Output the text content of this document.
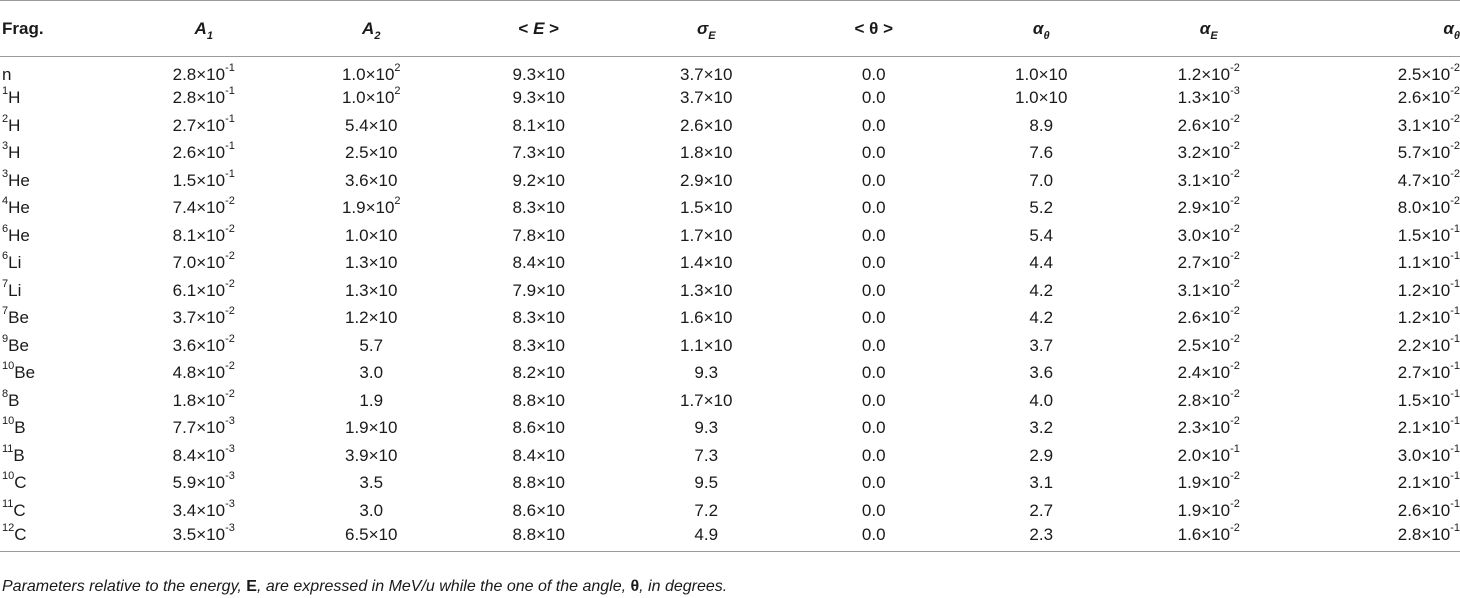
Frag.	$A_1$	$A_2$	< E >	$\sigma_E$	< θ >	$\alpha_\theta$	$\alpha_E$	$\alpha_\theta$
n	$2.8\times 10^{-1}$	$1.0\times 10^2$	9.3×10	3.7×10	0.0	1.0×10	$1.2\times 10^{-2}$	$2.5\times 10^{-2}$
$^1$H	$2.8\times 10^{-1}$	$1.0\times 10^2$	9.3×10	3.7×10	0.0	1.0×10	$1.3\times 10^{-3}$	$2.6\times 10^{-2}$
$^2$H	$2.7\times 10^{-1}$	5.4×10	8.1×10	2.6×10	0.0	8.9	$2.6\times 10^{-2}$	$3.1\times 10^{-2}$
$^3$H	$2.6\times 10^{-1}$	2.5×10	7.3×10	1.8×10	0.0	7.6	$3.2\times 10^{-2}$	$5.7\times 10^{-2}$
$^3$He	$1.5\times 10^{-1}$	3.6×10	9.2×10	2.9×10	0.0	7.0	$3.1\times 10^{-2}$	$4.7\times 10^{-2}$
$^4$He	$7.4\times 10^{-2}$	$1.9\times 10^2$	8.3×10	1.5×10	0.0	5.2	$2.9\times 10^{-2}$	$8.0\times 10^{-2}$
$^6$He	$8.1\times 10^{-2}$	1.0×10	7.8×10	1.7×10	0.0	5.4	$3.0\times 10^{-2}$	$1.5\times 10^{-1}$
$^6$Li	$7.0\times 10^{-2}$	1.3×10	8.4×10	1.4×10	0.0	4.4	$2.7\times 10^{-2}$	$1.1\times 10^{-1}$
$^7$Li	$6.1\times 10^{-2}$	1.3×10	7.9×10	1.3×10	0.0	4.2	$3.1\times 10^{-2}$	$1.2\times 10^{-1}$
$^7$Be	$3.7\times 10^{-2}$	1.2×10	8.3×10	1.6×10	0.0	4.2	$2.6\times 10^{-2}$	$1.2\times 10^{-1}$
$^9$Be	$3.6\times 10^{-2}$	5.7	8.3×10	1.1×10	0.0	3.7	$2.5\times 10^{-2}$	$2.2\times 10^{-1}$
$^{10}$Be	$4.8\times 10^{-2}$	3.0	8.2×10	9.3	0.0	3.6	$2.4\times 10^{-2}$	$2.7\times 10^{-1}$
$^8$B	$1.8\times 10^{-2}$	1.9	8.8×10	1.7×10	0.0	4.0	$2.8\times 10^{-2}$	$1.5\times 10^{-1}$
$^{10}$B	$7.7\times 10^{-3}$	1.9×10	8.6×10	9.3	0.0	3.2	$2.3\times 10^{-2}$	$2.1\times 10^{-1}$
$^{11}$B	$8.4\times 10^{-3}$	3.9×10	8.4×10	7.3	0.0	2.9	$2.0\times 10^{-1}$	$3.0\times 10^{-1}$
$^{10}$C	$5.9\times 10^{-3}$	3.5	8.8×10	9.5	0.0	3.1	$1.9\times 10^{-2}$	$2.1\times 10^{-1}$
$^{11}$C	$3.4\times 10^{-3}$	3.0	8.6×10	7.2	0.0	2.7	$1.9\times 10^{-2}$	$2.6\times 10^{-1}$
$^{12}$C	$3.5\times 10^{-3}$	6.5×10	8.8×10	4.9	0.0	2.3	$1.6\times 10^{-2}$	$2.8\times 10^{-1}$
Parameters relative to the energy, E, are expressed in MeV/u while the one of the angle, θ, in degrees.
